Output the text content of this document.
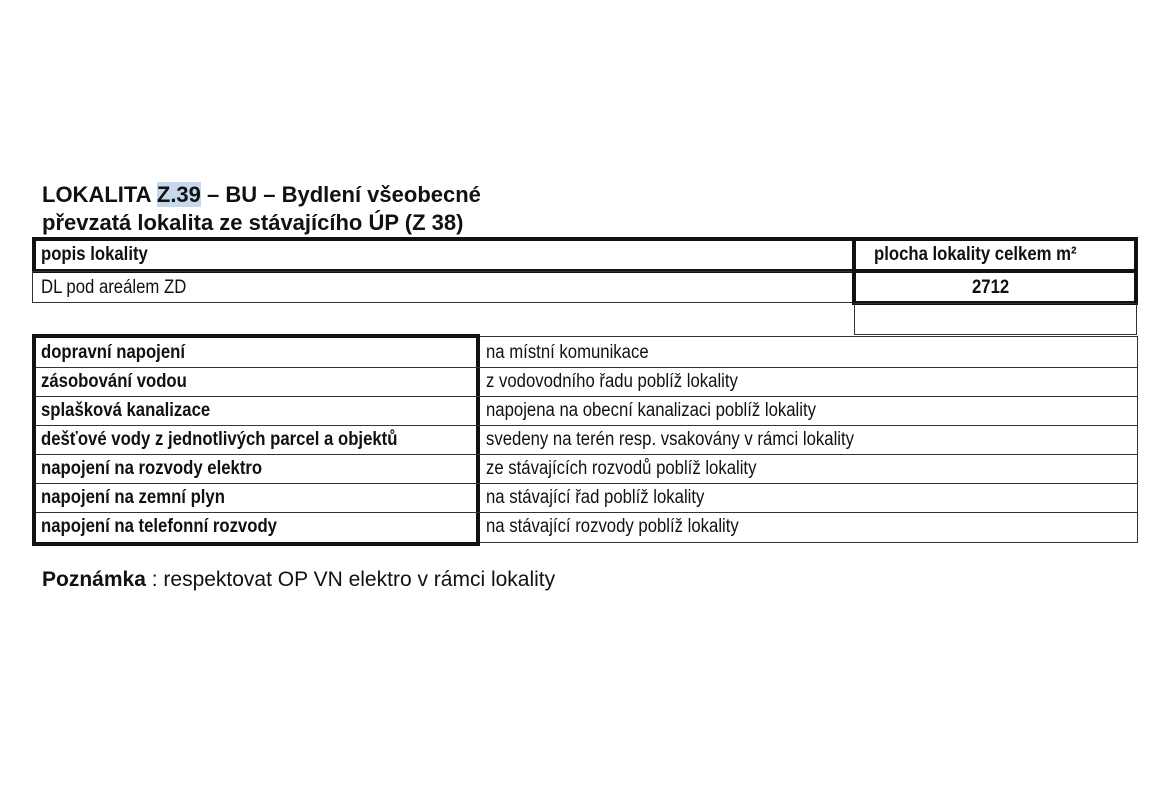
LOKALITA Z.39 – BU – Bydlení všeobecné
převzatá lokalita ze stávajícího ÚP (Z 38)
popis lokality	plocha lokality celkem m²
DL pod areálem ZD	2712
dopravní napojení	na místní komunikace
zásobování vodou	z vodovodního řadu poblíž lokality
splašková kanalizace	napojena na obecní kanalizaci poblíž lokality
dešťové vody z jednotlivých parcel a objektů	svedeny na terén resp. vsakovány v rámci lokality
napojení na rozvody elektro	ze stávajících rozvodů poblíž lokality
napojení na zemní plyn	na stávající řad poblíž lokality
napojení na telefonní rozvody	na stávající rozvody poblíž lokality
Poznámka : respektovat OP VN elektro v rámci lokality
